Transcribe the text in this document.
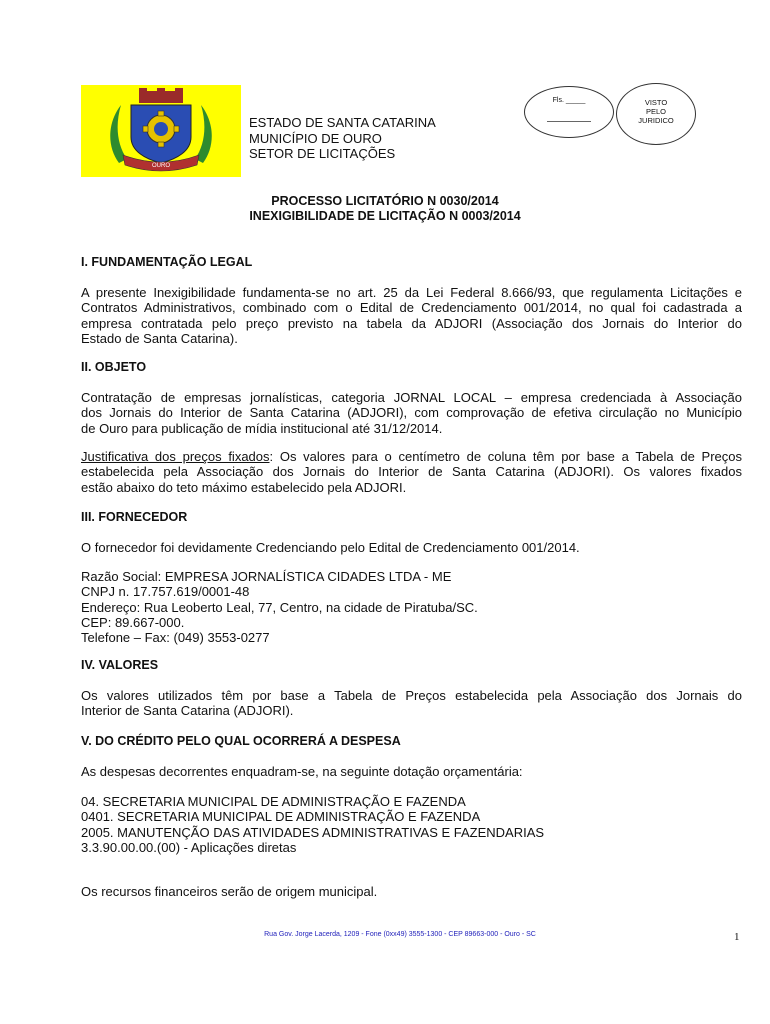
OURO
ESTADO DE SANTA CATARINA
MUNICÍPIO DE OURO
SETOR DE LICITAÇÕES
Fls. _____	VISTO
PELO
JURIDICO
PROCESSO LICITATÓRIO N 0030/2014
INEXIGIBILIDADE DE LICITAÇÃO N 0003/2014
I. FUNDAMENTAÇÃO LEGAL
A presente Inexigibilidade fundamenta-se no art. 25 da Lei Federal 8.666/93, que regulamenta Licitações e
Contratos Administrativos, combinado com o Edital de Credenciamento 001/2014, no qual foi cadastrada a
empresa contratada pelo preço previsto na tabela da ADJORI (Associação dos Jornais do Interior do
Estado de Santa Catarina).
II. OBJETO
Contratação de empresas jornalísticas, categoria JORNAL LOCAL – empresa credenciada à Associação
dos Jornais do Interior de Santa Catarina (ADJORI), com comprovação de efetiva circulação no Município
de Ouro para publicação de mídia institucional até 31/12/2014.
Justificativa dos preços fixados: Os valores para o centímetro de coluna têm por base a Tabela de Preços
estabelecida pela Associação dos Jornais do Interior de Santa Catarina (ADJORI). Os valores fixados
estão abaixo do teto máximo estabelecido pela ADJORI.
III. FORNECEDOR
O fornecedor foi devidamente Credenciando pelo Edital de Credenciamento 001/2014.
Razão Social: EMPRESA JORNALÍSTICA CIDADES LTDA - ME
CNPJ n. 17.757.619/0001-48
Endereço: Rua Leoberto Leal, 77, Centro, na cidade de Piratuba/SC.
CEP: 89.667-000.
Telefone – Fax: (049) 3553-0277
IV. VALORES
Os valores utilizados têm por base a Tabela de Preços estabelecida pela Associação dos Jornais do
Interior de Santa Catarina (ADJORI).
V. DO CRÉDITO PELO QUAL OCORRERÁ A DESPESA
As despesas decorrentes enquadram-se, na seguinte dotação orçamentária:
04. SECRETARIA MUNICIPAL DE ADMINISTRAÇÃO E FAZENDA
0401. SECRETARIA MUNICIPAL DE ADMINISTRAÇÃO E FAZENDA
2005. MANUTENÇÃO DAS ATIVIDADES ADMINISTRATIVAS E FAZENDARIAS
3.3.90.00.00.(00) - Aplicações diretas
Os recursos financeiros serão de origem municipal.
Rua Gov. Jorge Lacerda, 1209 - Fone (0xx49) 3555-1300 - CEP 89663-000 - Ouro - SC	1
